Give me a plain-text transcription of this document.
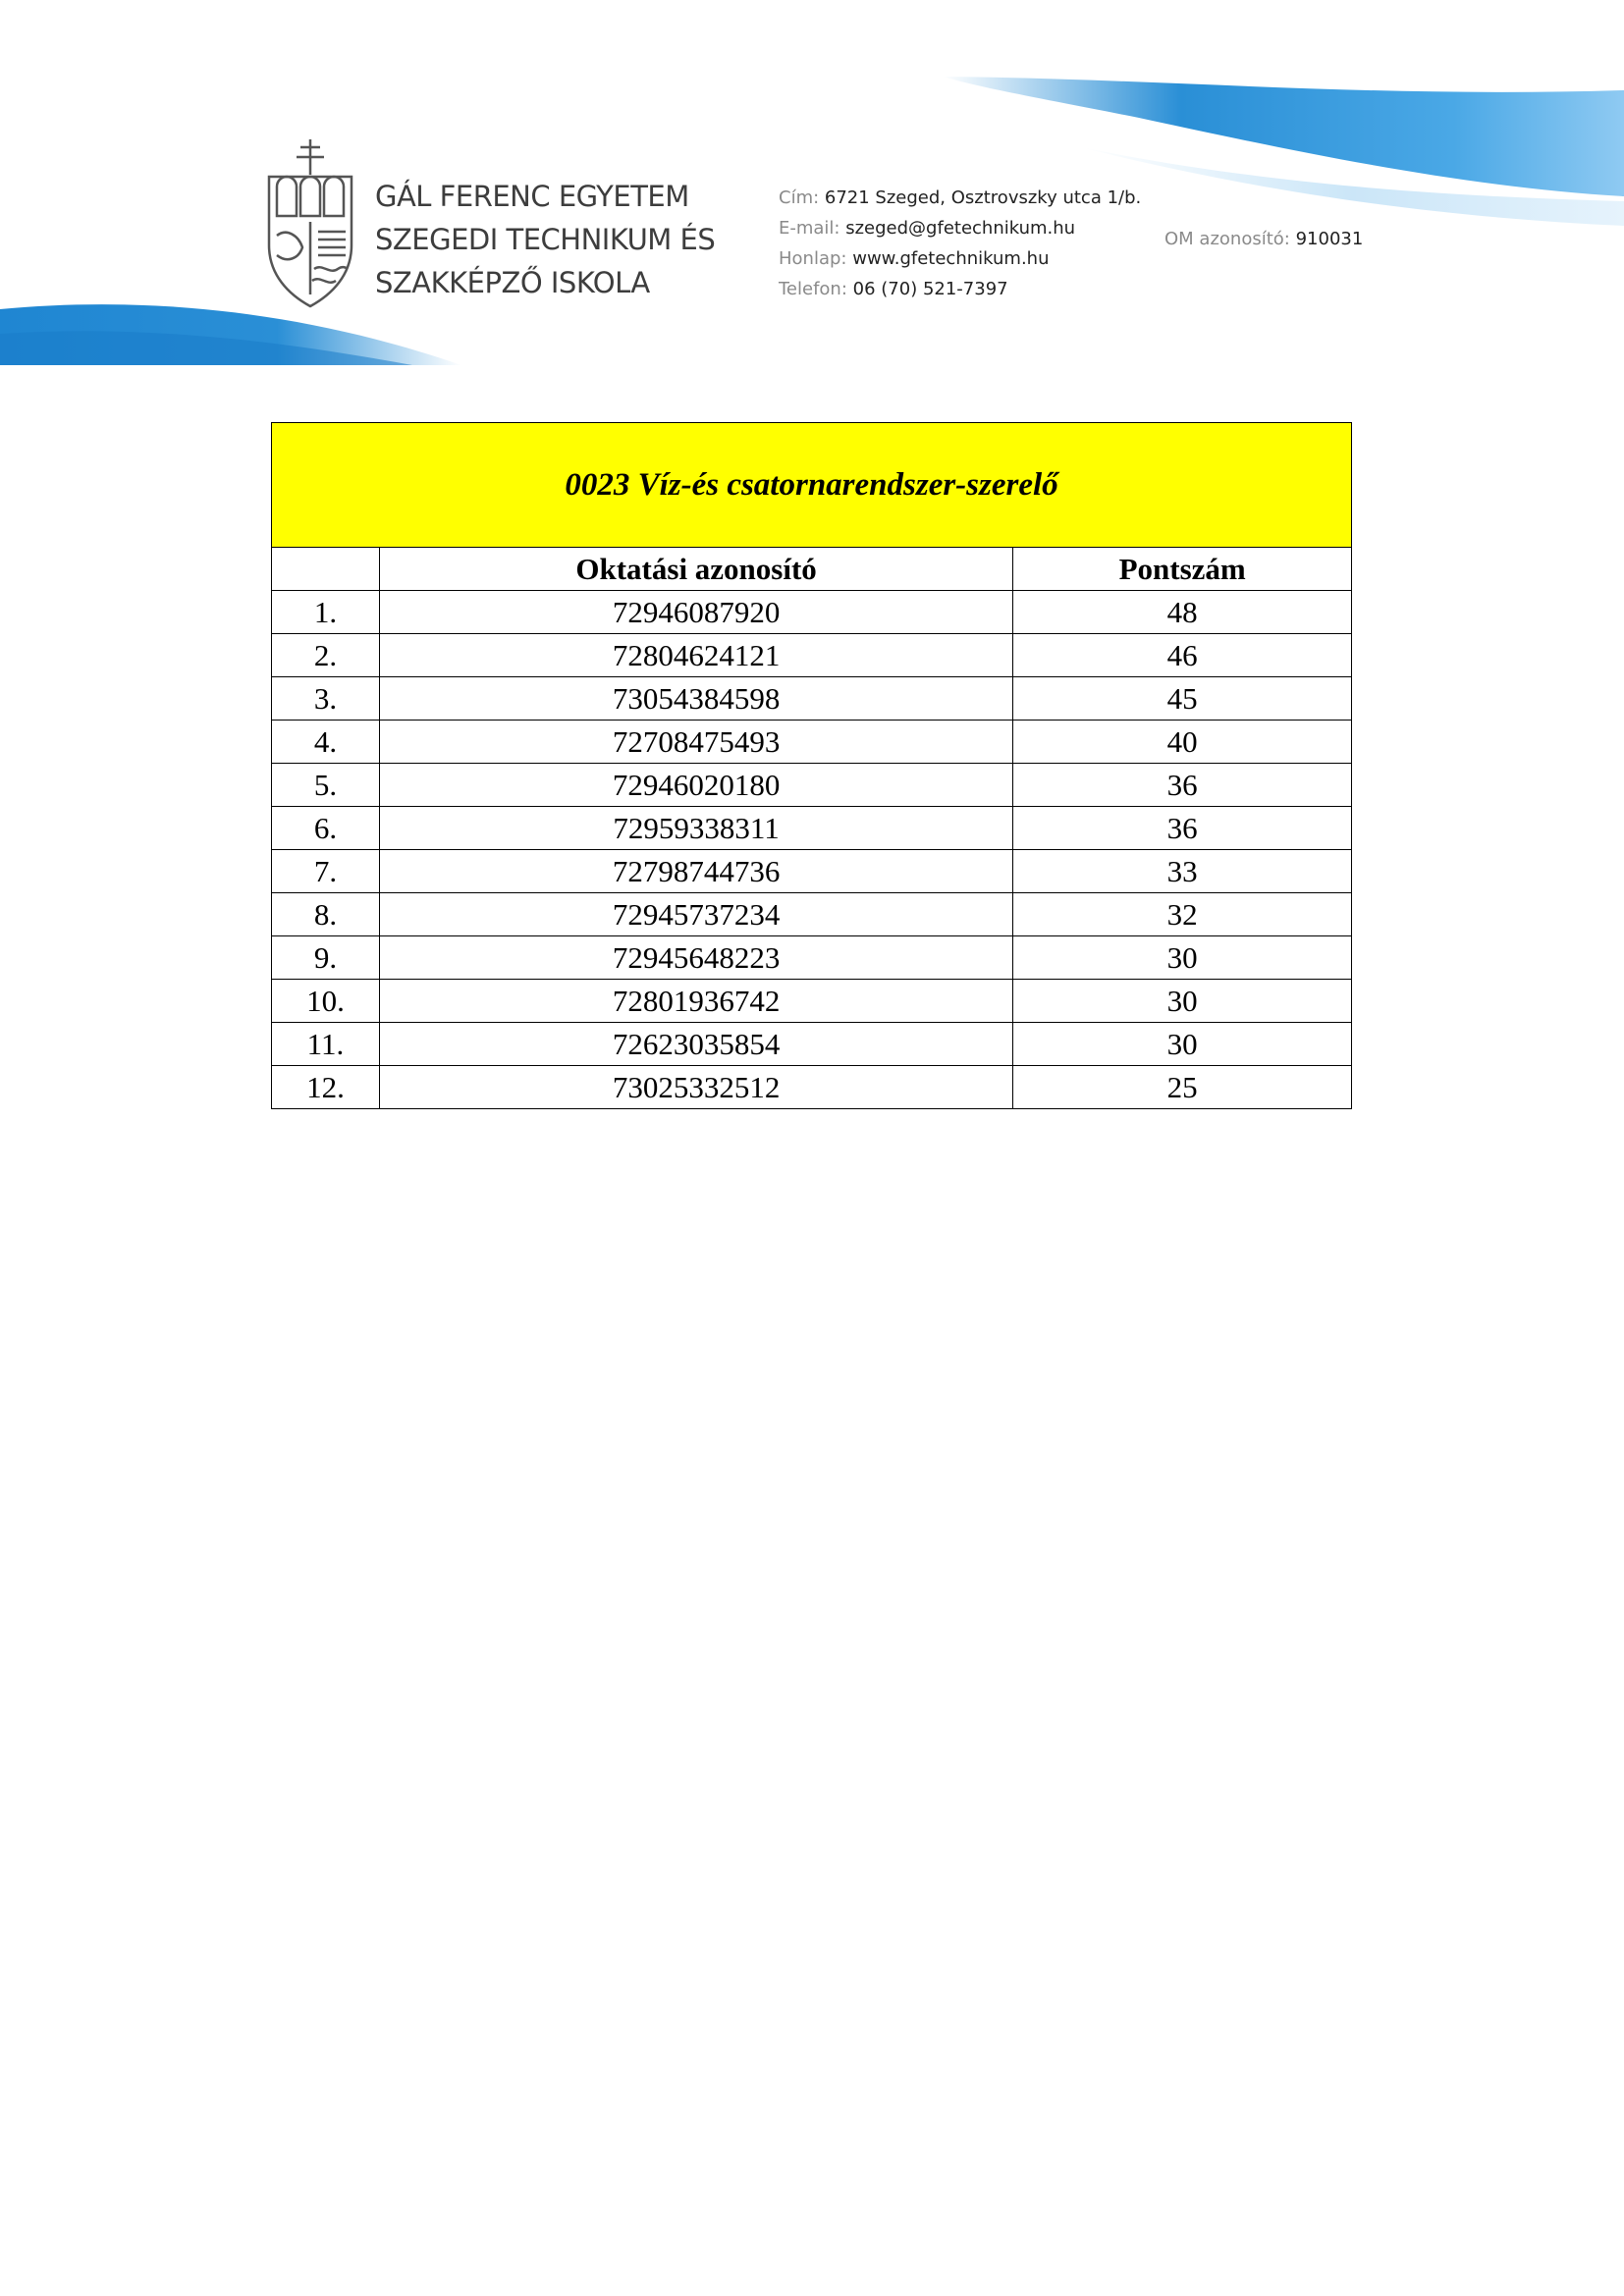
GÁL FERENC EGYETEM
SZEGEDI TECHNIKUM ÉS
SZAKKÉPZŐ ISKOLA
Cím: 6721 Szeged, Osztrovszky utca 1/b.
E-mail: szeged@gfetechnikum.hu
Honlap: www.gfetechnikum.hu
Telefon: 06 (70) 521-7397
OM azonosító: 910031
0023 Víz-és csatornarendszer-szerelő		
	Oktatási azonosító	Pontszám
1.	72946087920	48
2.	72804624121	46
3.	73054384598	45
4.	72708475493	40
5.	72946020180	36
6.	72959338311	36
7.	72798744736	33
8.	72945737234	32
9.	72945648223	30
10.	72801936742	30
11.	72623035854	30
12.	73025332512	25
